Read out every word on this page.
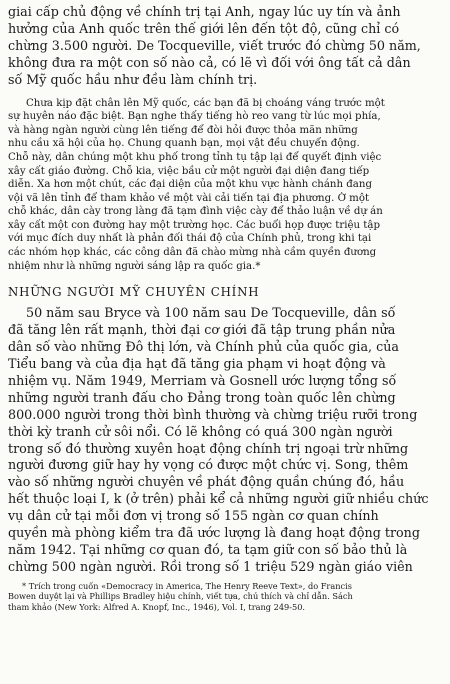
giai cấp chủ động về chính trị tại Anh, ngay lúc uy tín và ảnh
hưởng của Anh quốc trên thế giới lên đến tột độ, cũng chỉ có
chừng 3.500 người. De Tocqueville, viết trước đó chừng 50 năm,
không đưa ra một con số nào cả, có lẽ vì đối với ông tất cả dân
số Mỹ quốc hầu như đều làm chính trị.
Chưa kịp đặt chân lên Mỹ quốc, các bạn đã bị choáng váng trước một
sự huyên náo đặc biệt. Bạn nghe thấy tiếng hò reo vang từ lúc mọi phía,
và hàng ngàn người cùng lên tiếng để đòi hỏi được thỏa mãn những
nhu cầu xã hội của họ. Chung quanh bạn, mọi vật đều chuyển động.
Chỗ này, dân chúng một khu phố trong tỉnh tụ tập lại để quyết định việc
xây cất giáo đường. Chỗ kia, việc bầu cử một người đại diện đang tiếp
diễn. Xa hơn một chút, các đại diện của một khu vực hành chánh đang
vội vã lên tỉnh để tham khảo về một vài cải tiến tại địa phương. Ở một
chỗ khác, dân cày trong làng đã tạm đình việc cày để thảo luận về dự án
xây cất một con đường hay một trường học. Các buổi họp được triệu tập
với mục đích duy nhất là phản đối thái độ của Chính phủ, trong khi tại
các nhóm họp khác, các công dân đã chào mừng nhà cầm quyền đương
nhiệm như là những người sáng lập ra quốc gia.*
NHỮNG NGƯỜI MỸ CHUYÊN CHÍNH
50 năm sau Bryce và 100 năm sau De Tocqueville, dân số
đã tăng lên rất mạnh, thời đại cơ giới đã tập trung phần nửa
dân số vào những Đô thị lớn, và Chính phủ của quốc gia, của
Tiểu bang và của địa hạt đã tăng gia phạm vi hoạt động và
nhiệm vụ. Năm 1949, Merriam và Gosnell ước lượng tổng số
những người tranh đấu cho Đảng trong toàn quốc lên chừng
800.000 người trong thời bình thường và chừng triệu rưỡi trong
thời kỳ tranh cử sôi nổi. Có lẽ không có quá 300 ngàn người
trong số đó thường xuyên hoạt động chính trị ngoại trừ những
người đương giữ hay hy vọng có được một chức vị. Song, thêm
vào số những người chuyên về phát động quần chúng đó, hầu
hết thuộc loại I, k (ở trên) phải kể cả những người giữ nhiều chức
vụ dân cử tại mỗi đơn vị trong số 155 ngàn cơ quan chính
quyền mà phòng kiểm tra đã ước lượng là đang hoạt động trong
năm 1942. Tại những cơ quan đó, ta tạm giữ con số bảo thủ là
chừng 500 ngàn người. Rồi trong số 1 triệu 529 ngàn giáo viên
* Trích trong cuốn «Democracy in America, The Henry Reeve Text», do Francis
Bowen duyệt lại và Phillips Bradley hiệu chính, viết tựa, chú thích và chỉ dẫn. Sách
tham khảo (New York: Alfred A. Knopf, Inc., 1946), Vol. I, trang 249-50.
